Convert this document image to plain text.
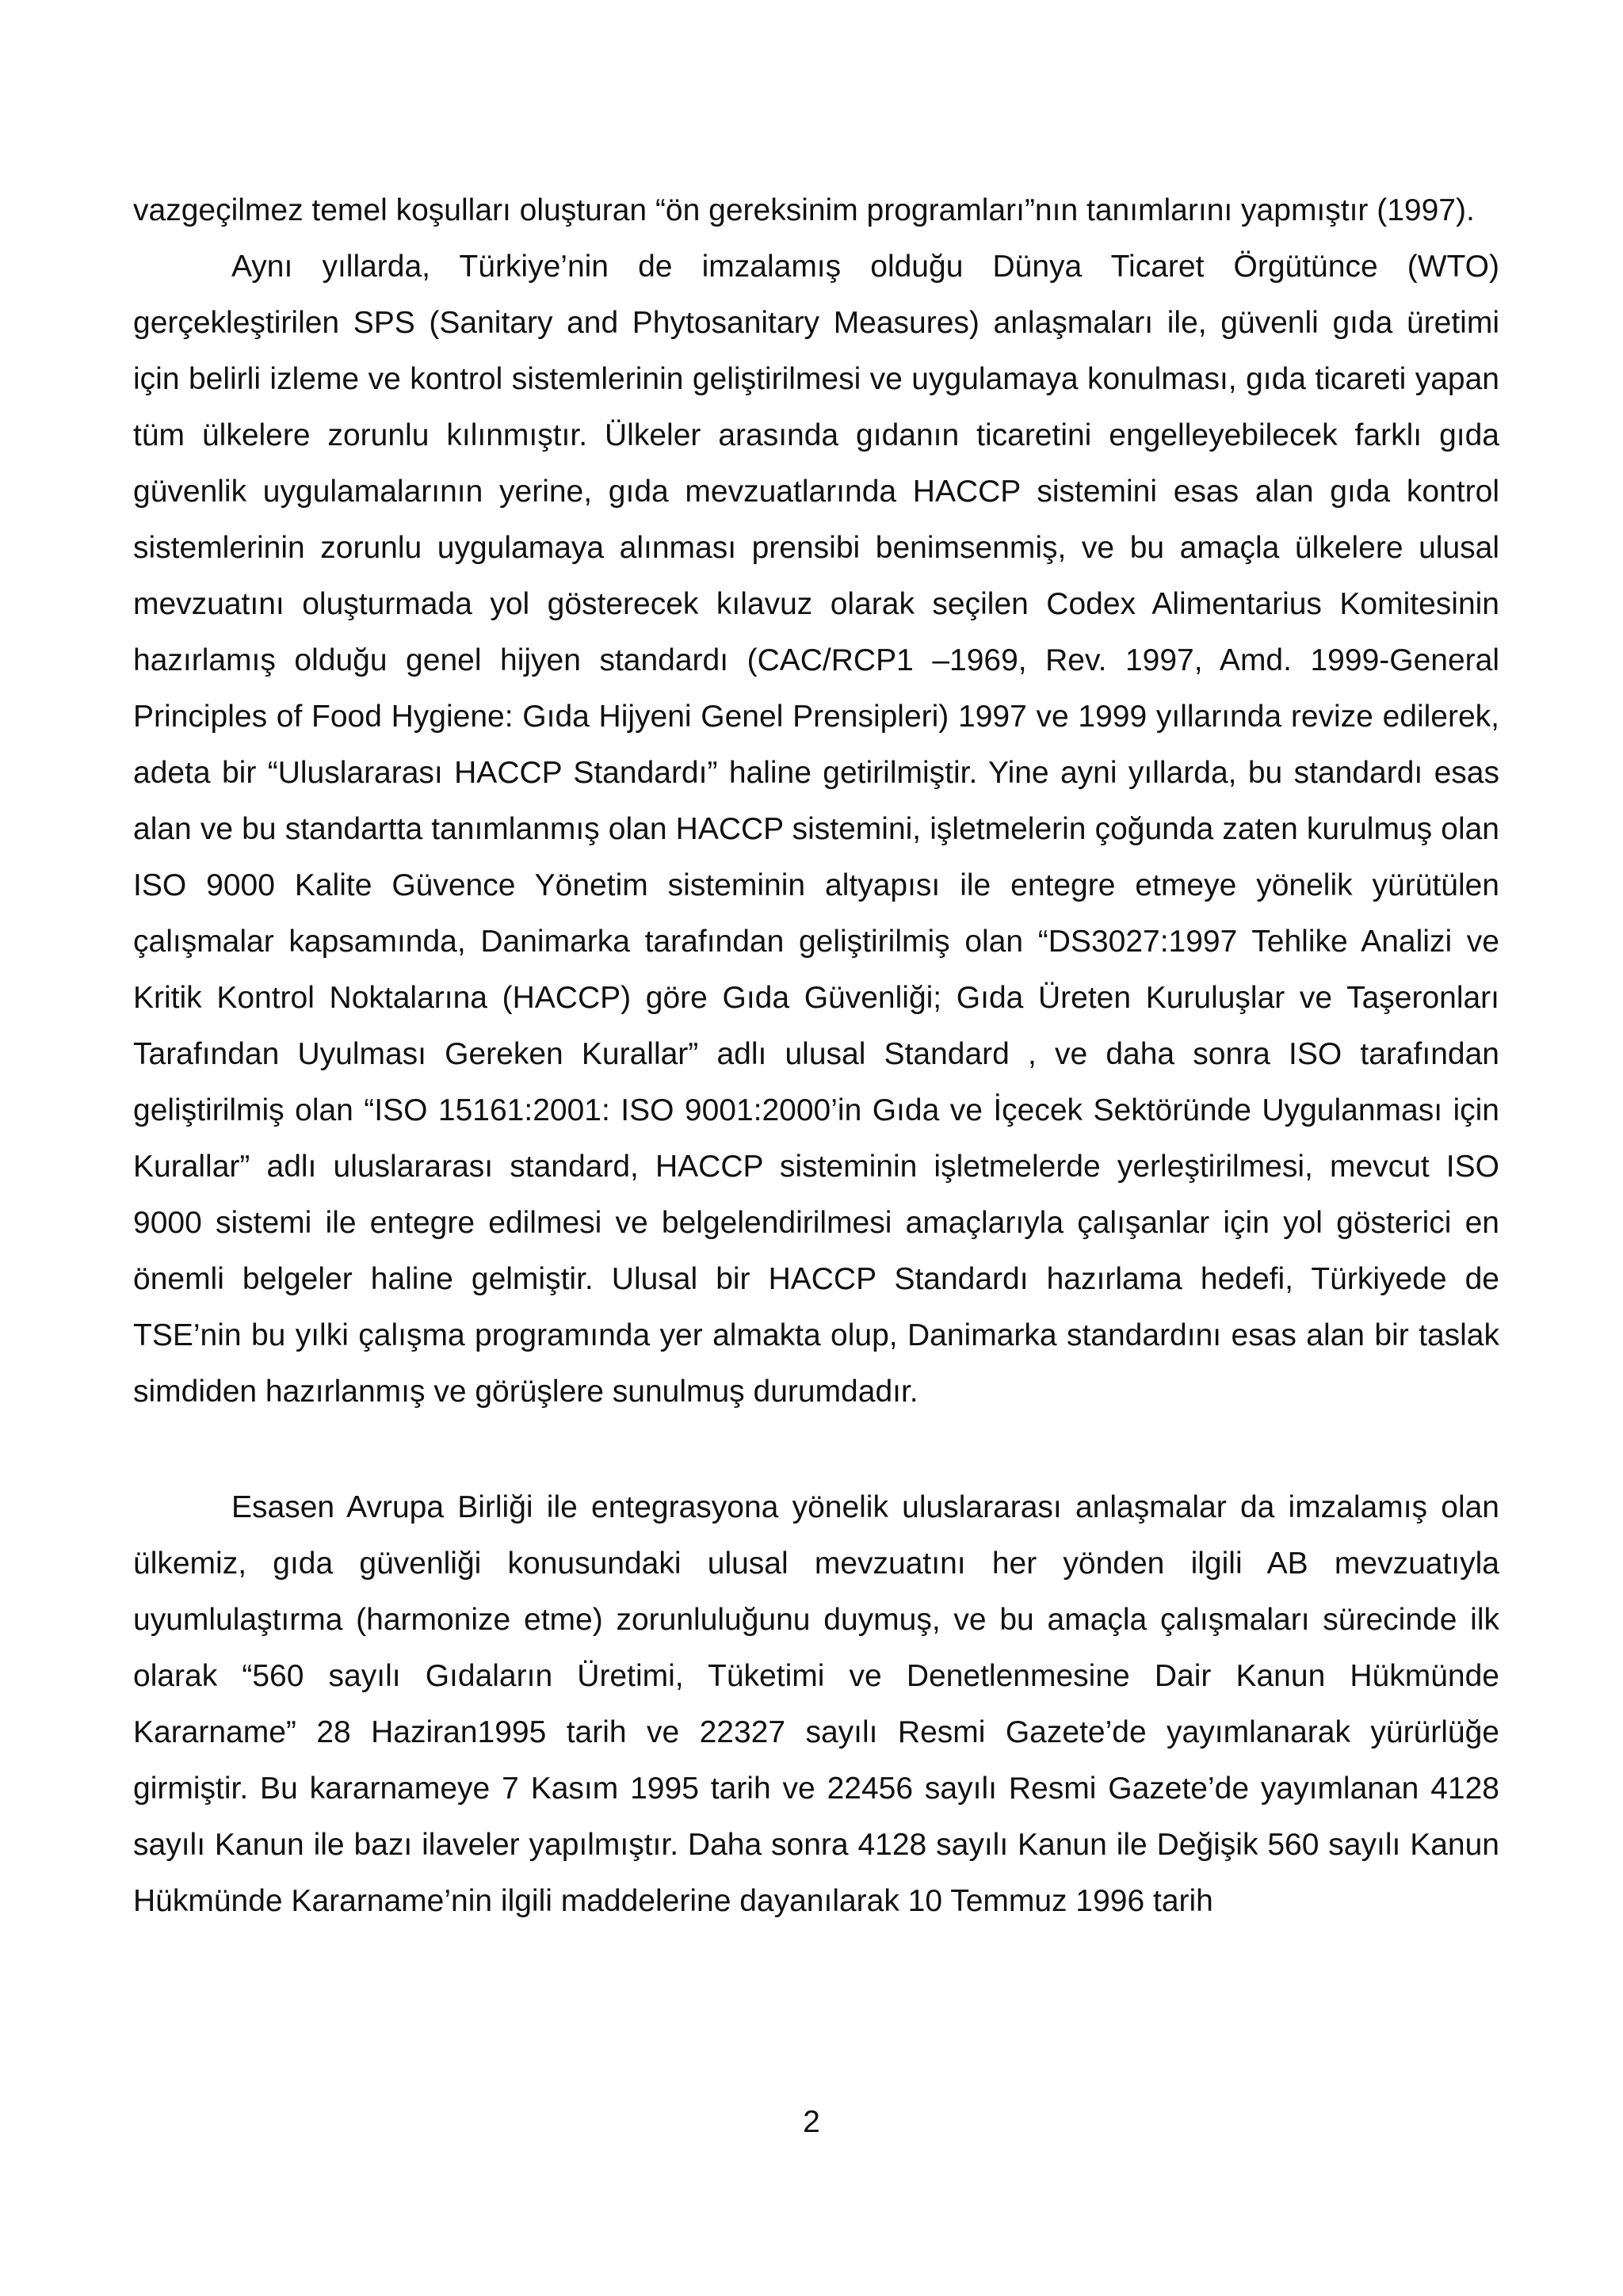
vazgeçilmez temel koşulları oluşturan “ön gereksinim programları”nın tanımlarını yapmıştır (1997).

Aynı yıllarda, Türkiye’nin de imzalamış olduğu Dünya Ticaret Örgütünce (WTO) gerçekleştirilen SPS (Sanitary and Phytosanitary Measures) anlaşmaları ile, güvenli gıda üretimi için belirli izleme ve kontrol sistemlerinin geliştirilmesi ve uygulamaya konulması, gıda ticareti yapan tüm ülkelere zorunlu kılınmıştır. Ülkeler arasında gıdanın ticaretini engelleyebilecek farklı gıda güvenlik uygulamalarının yerine, gıda mevzuatlarında HACCP sistemini esas alan gıda kontrol sistemlerinin zorunlu uygulamaya alınması prensibi benimsenmiş, ve bu amaçla ülkelere ulusal mevzuatını oluşturmada yol gösterecek kılavuz olarak seçilen Codex Alimentarius Komitesinin hazırlamış olduğu genel hijyen standardı (CAC/RCP1 –1969, Rev. 1997, Amd. 1999-General Principles of Food Hygiene: Gıda Hijyeni Genel Prensipleri) 1997 ve 1999 yıllarında revize edilerek, adeta bir “Uluslararası HACCP Standardı” haline getirilmiştir. Yine ayni yıllarda, bu standardı esas alan ve bu standartta tanımlanmış olan HACCP sistemini, işletmelerin çoğunda zaten kurulmuş olan ISO 9000 Kalite Güvence Yönetim sisteminin altyapısı ile entegre etmeye yönelik yürütülen çalışmalar kapsamında, Danimarka tarafından geliştirilmiş olan “DS3027:1997 Tehlike Analizi ve Kritik Kontrol Noktalarına (HACCP) göre Gıda Güvenliği; Gıda Üreten Kuruluşlar ve Taşeronları Tarafından Uyulması Gereken Kurallar” adlı ulusal Standard , ve daha sonra ISO tarafından geliştirilmiş olan “ISO 15161:2001: ISO 9001:2000’in Gıda ve İçecek Sektöründe Uygulanması için Kurallar” adlı uluslararası standard, HACCP sisteminin işletmelerde yerleştirilmesi, mevcut ISO 9000 sistemi ile entegre edilmesi ve belgelendirilmesi amaçlarıyla çalışanlar için yol gösterici en önemli belgeler haline gelmiştir. Ulusal bir HACCP Standardı hazırlama hedefi, Türkiyede de TSE’nin bu yılki çalışma programında yer almakta olup, Danimarka standardını esas alan bir taslak simdiden hazırlanmış ve görüşlere sunulmuş durumdadır.

Esasen Avrupa Birliği ile entegrasyona yönelik uluslararası anlaşmalar da imzalamış olan ülkemiz, gıda güvenliği konusundaki ulusal mevzuatını her yönden ilgili AB mevzuatıyla uyumlulaştırma (harmonize etme) zorunluluğunu duymuş, ve bu amaçla çalışmaları sürecinde ilk olarak “560 sayılı Gıdaların Üretimi, Tüketimi ve Denetlenmesine Dair Kanun Hükmünde Kararname” 28 Haziran1995 tarih ve 22327 sayılı Resmi Gazete’de yayımlanarak yürürlüğe girmiştir. Bu kararnameye 7 Kasım 1995 tarih ve 22456 sayılı Resmi Gazete’de yayımlanan 4128 sayılı Kanun ile bazı ilaveler yapılmıştır. Daha sonra 4128 sayılı Kanun ile Değişik 560 sayılı Kanun Hükmünde Kararname’nin ilgili maddelerine dayanılarak 10 Temmuz 1996 tarih

2
